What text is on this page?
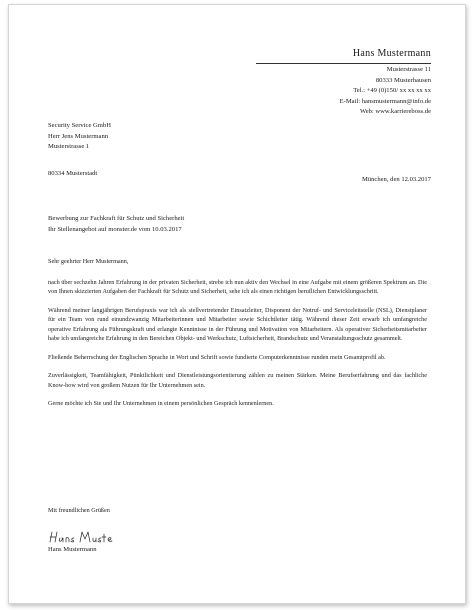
Hans Mustermann
Musterstrasse 11
80333 Musterhausen
Tel.: +49 (0)150/ xx xx xx xx
E-Mail: hansmustermann@info.de
Web: www.karriereboss.de
Security Service GmbH
Herr Jens Mustermann
Musterstrasse 1
80334 Musterstadt
München, den 12.03.2017
Bewerbung zur Fachkraft für Schutz und Sicherheit
Ihr Stellenangebot auf monster.de vom 10.03.2017

Sehr geehrter Herr Mustermann,

nach über sechzehn Jahren Erfahrung in der privaten Sicherheit, strebe ich nun aktiv den Wechsel in eine Aufgabe mit einem größeren Spektrum an. Die von Ihnen skizzierten Aufgaben der Fachkraft für Schutz und Sicherheit, sehe ich als einen richtigen beruflichen Entwicklungsschritt.

Während meiner langjährigen Berufspraxis war ich als stellvertretender Einsatzleiter, Disponent der Notruf- und Serviceleitstelle (NSL), Dienstplaner für ein Team von rund einundzwanzig Mitarbeiterinnen und Mitarbeiter sowie Schichtleiter tätig. Während dieser Zeit erwarb ich umfangreiche operative Erfahrung als Führungskraft und erlangte Kenntnisse in der Führung und Motivation von Mitarbeitern. Als operativer Sicherheitsmitarbeiter habe ich umfangreiche Erfahrung in den Bereichen Objekt- und Werkschutz, Luftsicherheit, Brandschutz und Veranstaltungsschutz gesammelt.

Fließende Beherrschung der Englischen Sprache in Wort und Schrift sowie fundierte Computerkenntnisse runden mein Gesamtprofil ab.

Zuverlässigkeit, Teamfähigkeit, Pünktlichkeit und Dienstleistungsorientierung zählen zu meinen Stärken. Meine Berufserfahrung und das fachliche Know-how wird von großem Nutzen für Ihr Unternehmen sein.

Gerne möchte ich Sie und Ihr Unternehmen in einem persönlichen Gespräch kennenlernen.

Mit freundlichen Grüßen
Hans Mustermann
